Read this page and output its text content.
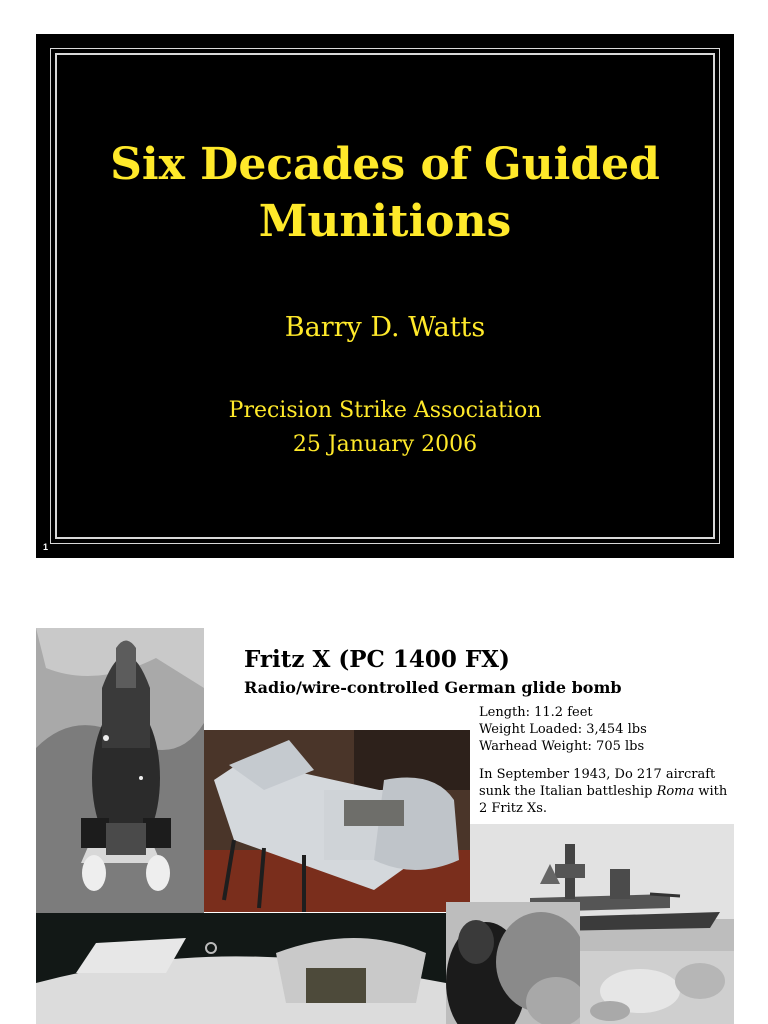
Six Decades of Guided
Munitions
Barry D. Watts
Precision Strike Association
25 January 2006
1
Fritz X (PC 1400 FX)
Radio/wire-controlled German glide bomb
Length: 11.2 feet
Weight Loaded: 3,454 lbs
Warhead Weight: 705 lbs
In September 1943, Do 217 aircraft sunk the Italian battleship Roma with 2 Fritz Xs.
